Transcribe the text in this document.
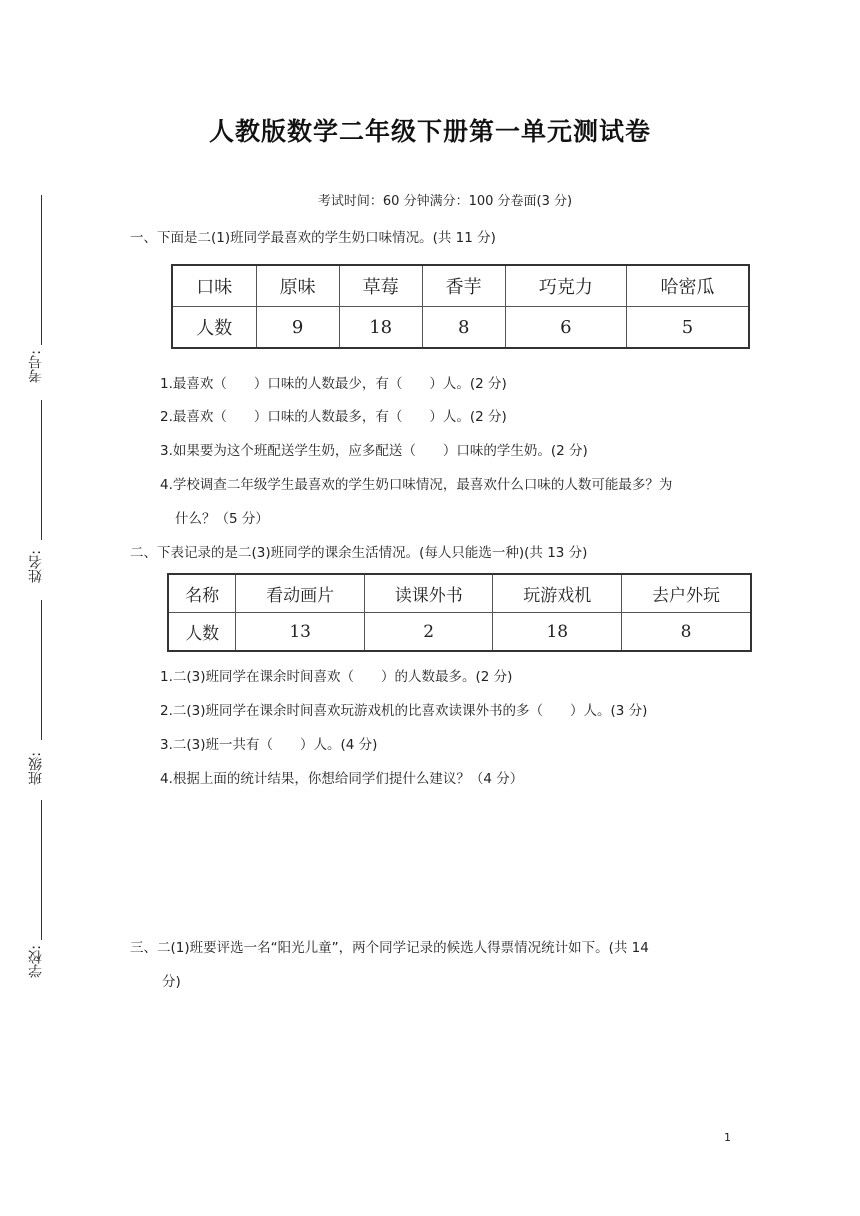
考号:
姓名:
班级:
学校:
人教版数学二年级下册第一单元测试卷
考试时间：60 分钟满分：100 分卷面(3 分)
一、下面是二(1)班同学最喜欢的学生奶口味情况。(共 11 分)
口味	原味	草莓	香芋	巧克力	哈密瓜
人数	9	18	8	6	5
1.最喜欢（　　）口味的人数最少，有（　　）人。(2 分)
2.最喜欢（　　）口味的人数最多，有（　　）人。(2 分)
3.如果要为这个班配送学生奶，应多配送（　　）口味的学生奶。(2 分)
4.学校调查二年级学生最喜欢的学生奶口味情况，最喜欢什么口味的人数可能最多？为
什么？（5 分）
二、下表记录的是二(3)班同学的课余生活情况。(每人只能选一种)(共 13 分)
名称	看动画片	读课外书	玩游戏机	去户外玩
人数	13	2	18	8
1.二(3)班同学在课余时间喜欢（　　）的人数最多。(2 分)
2.二(3)班同学在课余时间喜欢玩游戏机的比喜欢读课外书的多（　　）人。(3 分)
3.二(3)班一共有（　　）人。(4 分)
4.根据上面的统计结果，你想给同学们提什么建议？（4 分）
三、二(1)班要评选一名“阳光儿童”，两个同学记录的候选人得票情况统计如下。(共 14
分)
1
